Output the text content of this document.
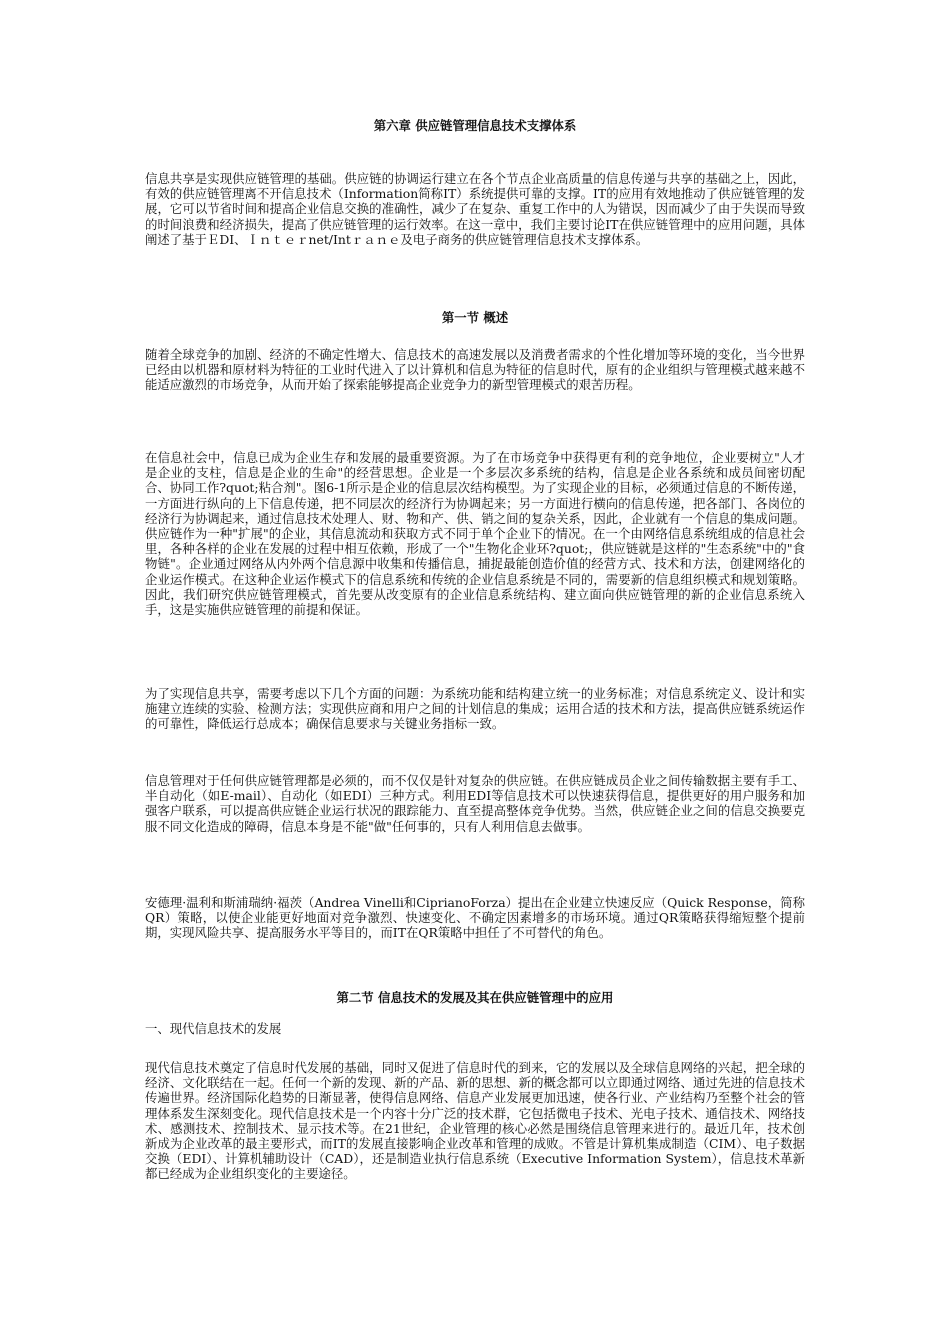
第六章 供应链管理信息技术支撑体系
信息共享是实现供应链管理的基础。供应链的协调运行建立在各个节点企业高质量的信息传递与共享的基础之上，因此，有效的供应链管理离不开信息技术（Information简称IT）系统提供可靠的支撑。IT的应用有效地推动了供应链管理的发展，它可以节省时间和提高企业信息交换的准确性，减少了在复杂、重复工作中的人为错误，因而减少了由于失误而导致的时间浪费和经济损失，提高了供应链管理的运行效率。在这一章中，我们主要讨论IT在供应链管理中的应用问题，具体阐述了基于ＥDI、Ｉｎｔｅｒnet/Intｒａｎｅ及电子商务的供应链管理信息技术支撑体系。
第一节 概述
随着全球竞争的加剧、经济的不确定性增大、信息技术的高速发展以及消费者需求的个性化增加等环境的变化，当今世界已经由以机器和原材料为特征的工业时代进入了以计算机和信息为特征的信息时代，原有的企业组织与管理模式越来越不能适应激烈的市场竞争，从而开始了探索能够提高企业竞争力的新型管理模式的艰苦历程。
在信息社会中，信息已成为企业生存和发展的最重要资源。为了在市场竞争中获得更有利的竞争地位，企业要树立"人才是企业的支柱，信息是企业的生命"的经营思想。企业是一个多层次多系统的结构，信息是企业各系统和成员间密切配合、协同工作?quot;粘合剂"。图6-1所示是企业的信息层次结构模型。为了实现企业的目标，必须通过信息的不断传递，一方面进行纵向的上下信息传递，把不同层次的经济行为协调起来；另一方面进行横向的信息传递，把各部门、各岗位的经济行为协调起来，通过信息技术处理人、财、物和产、供、销之间的复杂关系，因此，企业就有一个信息的集成问题。供应链作为一种"扩展"的企业，其信息流动和获取方式不同于单个企业下的情况。在一个由网络信息系统组成的信息社会里，各种各样的企业在发展的过程中相互依赖，形成了一个"生物化企业环?quot;，供应链就是这样的"生态系统"中的"食物链"。企业通过网络从内外两个信息源中收集和传播信息，捕捉最能创造价值的经营方式、技术和方法，创建网络化的企业运作模式。在这种企业运作模式下的信息系统和传统的企业信息系统是不同的，需要新的信息组织模式和规划策略。因此，我们研究供应链管理模式，首先要从改变原有的企业信息系统结构、建立面向供应链管理的新的企业信息系统入手，这是实施供应链管理的前提和保证。
为了实现信息共享，需要考虑以下几个方面的问题：为系统功能和结构建立统一的业务标准；对信息系统定义、设计和实施建立连续的实验、检测方法；实现供应商和用户之间的计划信息的集成；运用合适的技术和方法，提高供应链系统运作的可靠性，降低运行总成本；确保信息要求与关键业务指标一致。
信息管理对于任何供应链管理都是必须的，而不仅仅是针对复杂的供应链。在供应链成员企业之间传输数据主要有手工、半自动化（如E-mail）、自动化（如EDI）三种方式。利用EDI等信息技术可以快速获得信息，提供更好的用户服务和加强客户联系，可以提高供应链企业运行状况的跟踪能力、直至提高整体竞争优势。当然，供应链企业之间的信息交换要克服不同文化造成的障碍，信息本身是不能"做"任何事的，只有人利用信息去做事。
安德理·温利和斯浦瑞纳·福茨（Andrea Vinelli和CiprianoForza）提出在企业建立快速反应（Quick Response，简称QR）策略，以使企业能更好地面对竞争激烈、快速变化、不确定因素增多的市场环境。通过QR策略获得缩短整个提前期，实现风险共享、提高服务水平等目的，而IT在QR策略中担任了不可替代的角色。
第二节 信息技术的发展及其在供应链管理中的应用
一、现代信息技术的发展
现代信息技术奠定了信息时代发展的基础，同时又促进了信息时代的到来，它的发展以及全球信息网络的兴起，把全球的经济、文化联结在一起。任何一个新的发现、新的产品、新的思想、新的概念都可以立即通过网络、通过先进的信息技术传遍世界。经济国际化趋势的日渐显著，使得信息网络、信息产业发展更加迅速，使各行业、产业结构乃至整个社会的管理体系发生深刻变化。现代信息技术是一个内容十分广泛的技术群，它包括微电子技术、光电子技术、通信技术、网络技术、感测技术、控制技术、显示技术等。在21世纪，企业管理的核心必然是围绕信息管理来进行的。最近几年，技术创新成为企业改革的最主要形式，而IT的发展直接影响企业改革和管理的成败。不管是计算机集成制造（CIM）、电子数据交换（EDI）、计算机辅助设计（CAD），还是制造业执行信息系统（Executive Information System），信息技术革新都已经成为企业组织变化的主要途径。
